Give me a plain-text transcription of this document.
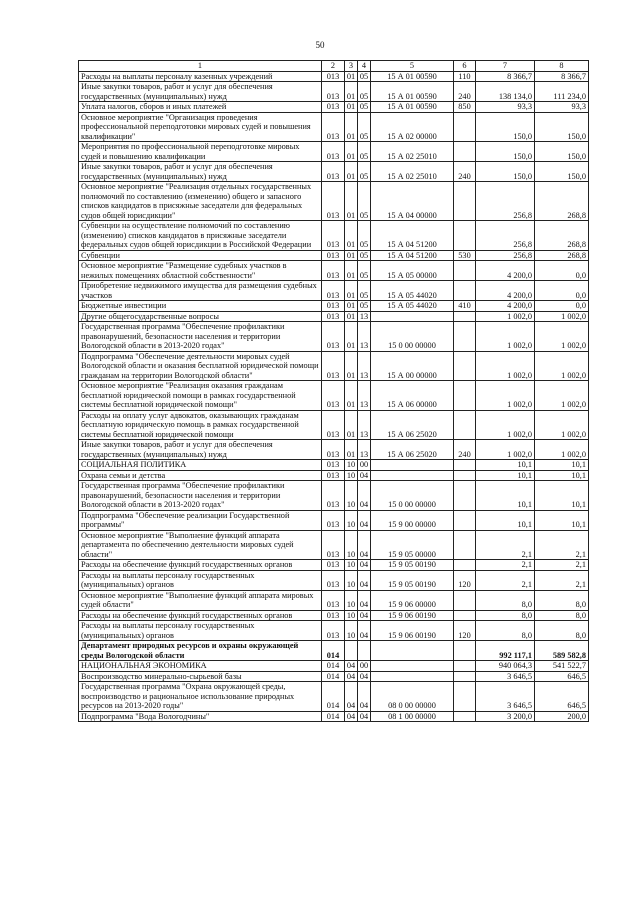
50
1	2	3	4	5	6	7	8
Расходы на выплаты персоналу казенных учреждений	013	01	05	15 А 01 00590	110	8 366,7	8 366,7
Иные закупки товаров, работ и услуг для обеспечения государственных (муниципальных) нужд	013	01	05	15 А 01 00590	240	138 134,0	111 234,0
Уплата налогов, сборов и иных платежей	013	01	05	15 А 01 00590	850	93,3	93,3
Основное мероприятие "Организация проведения профессиональной переподготовки мировых судей и повышения квалификации"	013	01	05	15 А 02 00000		150,0	150,0
Мероприятия по профессиональной переподготовке мировых судей и повышению квалификации	013	01	05	15 А 02 25010		150,0	150,0
Иные закупки товаров, работ и услуг для обеспечения государственных (муниципальных) нужд	013	01	05	15 А 02 25010	240	150,0	150,0
Основное мероприятие "Реализация отдельных государственных полномочий по составлению (изменению) общего и запасного списков кандидатов в присяжные заседатели для федеральных судов общей юрисдикции"	013	01	05	15 А 04 00000		256,8	268,8
Субвенции на осуществление полномочий по составлению (изменению) списков кандидатов в присяжные заседатели федеральных судов общей юрисдикции в Российской Федерации	013	01	05	15 А 04 51200		256,8	268,8
Субвенции	013	01	05	15 А 04 51200	530	256,8	268,8
Основное мероприятие "Размещение судебных участков в нежилых помещениях областной собственности"	013	01	05	15 А 05 00000		4 200,0	0,0
Приобретение недвижимого имущества для размещения судебных участков	013	01	05	15 А 05 44020		4 200,0	0,0
Бюджетные инвестиции	013	01	05	15 А 05 44020	410	4 200,0	0,0
Другие общегосударственные вопросы	013	01	13			1 002,0	1 002,0
Государственная программа "Обеспечение профилактики правонарушений, безопасности населения и территории Вологодской области в 2013-2020 годах"	013	01	13	15 0 00 00000		1 002,0	1 002,0
Подпрограмма "Обеспечение деятельности мировых судей Вологодской области и оказания бесплатной юридической помощи гражданам на территории Вологодской области"	013	01	13	15 А 00 00000		1 002,0	1 002,0
Основное мероприятие "Реализация оказания гражданам бесплатной юридической помощи в рамках государственной системы бесплатной юридической помощи"	013	01	13	15 А 06 00000		1 002,0	1 002,0
Расходы на оплату услуг адвокатов, оказывающих гражданам бесплатную юридическую помощь в рамках государственной системы бесплатной юридической помощи	013	01	13	15 А 06 25020		1 002,0	1 002,0
Иные закупки товаров, работ и услуг для обеспечения государственных (муниципальных) нужд	013	01	13	15 А 06 25020	240	1 002,0	1 002,0
СОЦИАЛЬНАЯ ПОЛИТИКА	013	10	00			10,1	10,1
Охрана семьи и детства	013	10	04			10,1	10,1
Государственная программа "Обеспечение профилактики правонарушений, безопасности населения и территории Вологодской области в 2013-2020 годах"	013	10	04	15 0 00 00000		10,1	10,1
Подпрограмма "Обеспечение реализации Государственной программы"	013	10	04	15 9 00 00000		10,1	10,1
Основное мероприятие "Выполнение функций аппарата департамента по обеспечению деятельности мировых судей области"	013	10	04	15 9 05 00000		2,1	2,1
Расходы на обеспечение функций государственных органов	013	10	04	15 9 05 00190		2,1	2,1
Расходы на выплаты персоналу государственных (муниципальных) органов	013	10	04	15 9 05 00190	120	2,1	2,1
Основное мероприятие "Выполнение функций аппарата мировых судей области"	013	10	04	15 9 06 00000		8,0	8,0
Расходы на обеспечение функций государственных органов	013	10	04	15 9 06 00190		8,0	8,0
Расходы на выплаты персоналу государственных (муниципальных) органов	013	10	04	15 9 06 00190	120	8,0	8,0
Департамент природных ресурсов и охраны окружающей среды Вологодской области	014					992 117,1	589 582,8
НАЦИОНАЛЬНАЯ ЭКОНОМИКА	014	04	00			940 064,3	541 522,7
Воспроизводство минерально-сырьевой базы	014	04	04			3 646,5	646,5
Государственная программа "Охрана окружающей среды, воспроизводство и рациональное использование природных ресурсов на 2013-2020 годы"	014	04	04	08 0 00 00000		3 646,5	646,5
Подпрограмма "Вода Вологодчины"	014	04	04	08 1 00 00000		3 200,0	200,0
